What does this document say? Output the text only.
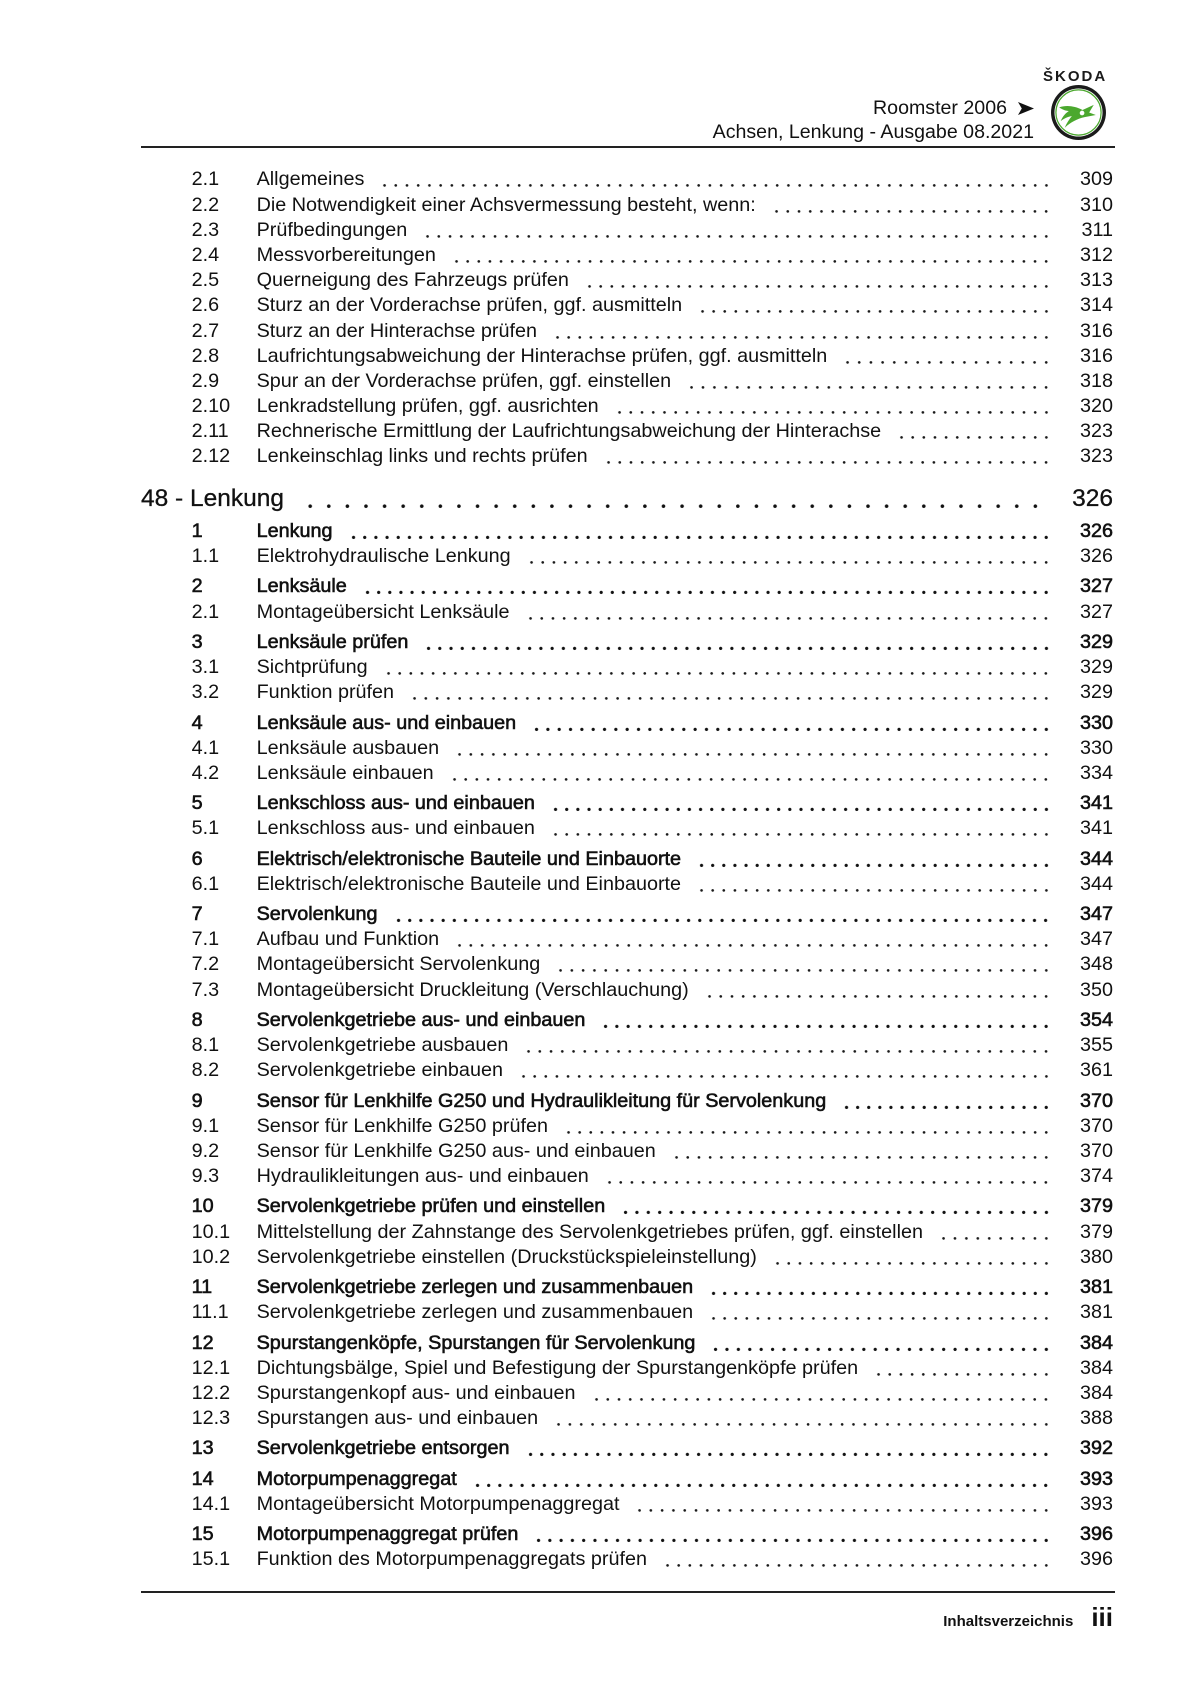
ŠKODA
Roomster 2006
Achsen, Lenkung - Ausgabe 08.2021
2.1 Allgemeines	309
2.2 Die Notwendigkeit einer Achsvermessung besteht, wenn:	310
2.3 Prüfbedingungen	311
2.4 Messvorbereitungen	312
2.5 Querneigung des Fahrzeugs prüfen	313
2.6 Sturz an der Vorderachse prüfen, ggf. ausmitteln	314
2.7 Sturz an der Hinterachse prüfen	316
2.8 Laufrichtungsabweichung der Hinterachse prüfen, ggf. ausmitteln	316
2.9 Spur an der Vorderachse prüfen, ggf. einstellen	318
2.10 Lenkradstellung prüfen, ggf. ausrichten	320
2.11 Rechnerische Ermittlung der Laufrichtungsabweichung der Hinterachse	323
2.12 Lenkeinschlag links und rechts prüfen	323
48 - Lenkung	326
1	Lenkung	326
1.1 Elektrohydraulische Lenkung	326
2	Lenksäule	327
2.1 Montageübersicht Lenksäule	327
3	Lenksäule prüfen	329
3.1 Sichtprüfung	329
3.2 Funktion prüfen	329
4	Lenksäule aus- und einbauen	330
4.1 Lenksäule ausbauen	330
4.2 Lenksäule einbauen	334
5	Lenkschloss aus- und einbauen	341
5.1 Lenkschloss aus- und einbauen	341
6	Elektrisch/elektronische Bauteile und Einbauorte	344
6.1 Elektrisch/elektronische Bauteile und Einbauorte	344
7	Servolenkung	347
7.1 Aufbau und Funktion	347
7.2 Montageübersicht Servolenkung	348
7.3 Montageübersicht Druckleitung (Verschlauchung)	350
8	Servolenkgetriebe aus- und einbauen	354
8.1 Servolenkgetriebe ausbauen	355
8.2 Servolenkgetriebe einbauen	361
9	Sensor für Lenkhilfe G250 und Hydraulikleitung für Servolenkung	370
9.1 Sensor für Lenkhilfe G250 prüfen	370
9.2 Sensor für Lenkhilfe G250 aus- und einbauen	370
9.3 Hydraulikleitungen aus- und einbauen	374
10 Servolenkgetriebe prüfen und einstellen	379
10.1 Mittelstellung der Zahnstange des Servolenkgetriebes prüfen, ggf. einstellen	379
10.2 Servolenkgetriebe einstellen (Druckstückspieleinstellung)	380
11 Servolenkgetriebe zerlegen und zusammenbauen	381
11.1 Servolenkgetriebe zerlegen und zusammenbauen	381
12 Spurstangenköpfe, Spurstangen für Servolenkung	384
12.1 Dichtungsbälge, Spiel und Befestigung der Spurstangenköpfe prüfen	384
12.2 Spurstangenkopf aus- und einbauen	384
12.3 Spurstangen aus- und einbauen	388
13 Servolenkgetriebe entsorgen	392
14 Motorpumpenaggregat	393
14.1 Montageübersicht Motorpumpenaggregat	393
15 Motorpumpenaggregat prüfen	396
15.1 Funktion des Motorpumpenaggregats prüfen	396
Inhaltsverzeichnis iii
